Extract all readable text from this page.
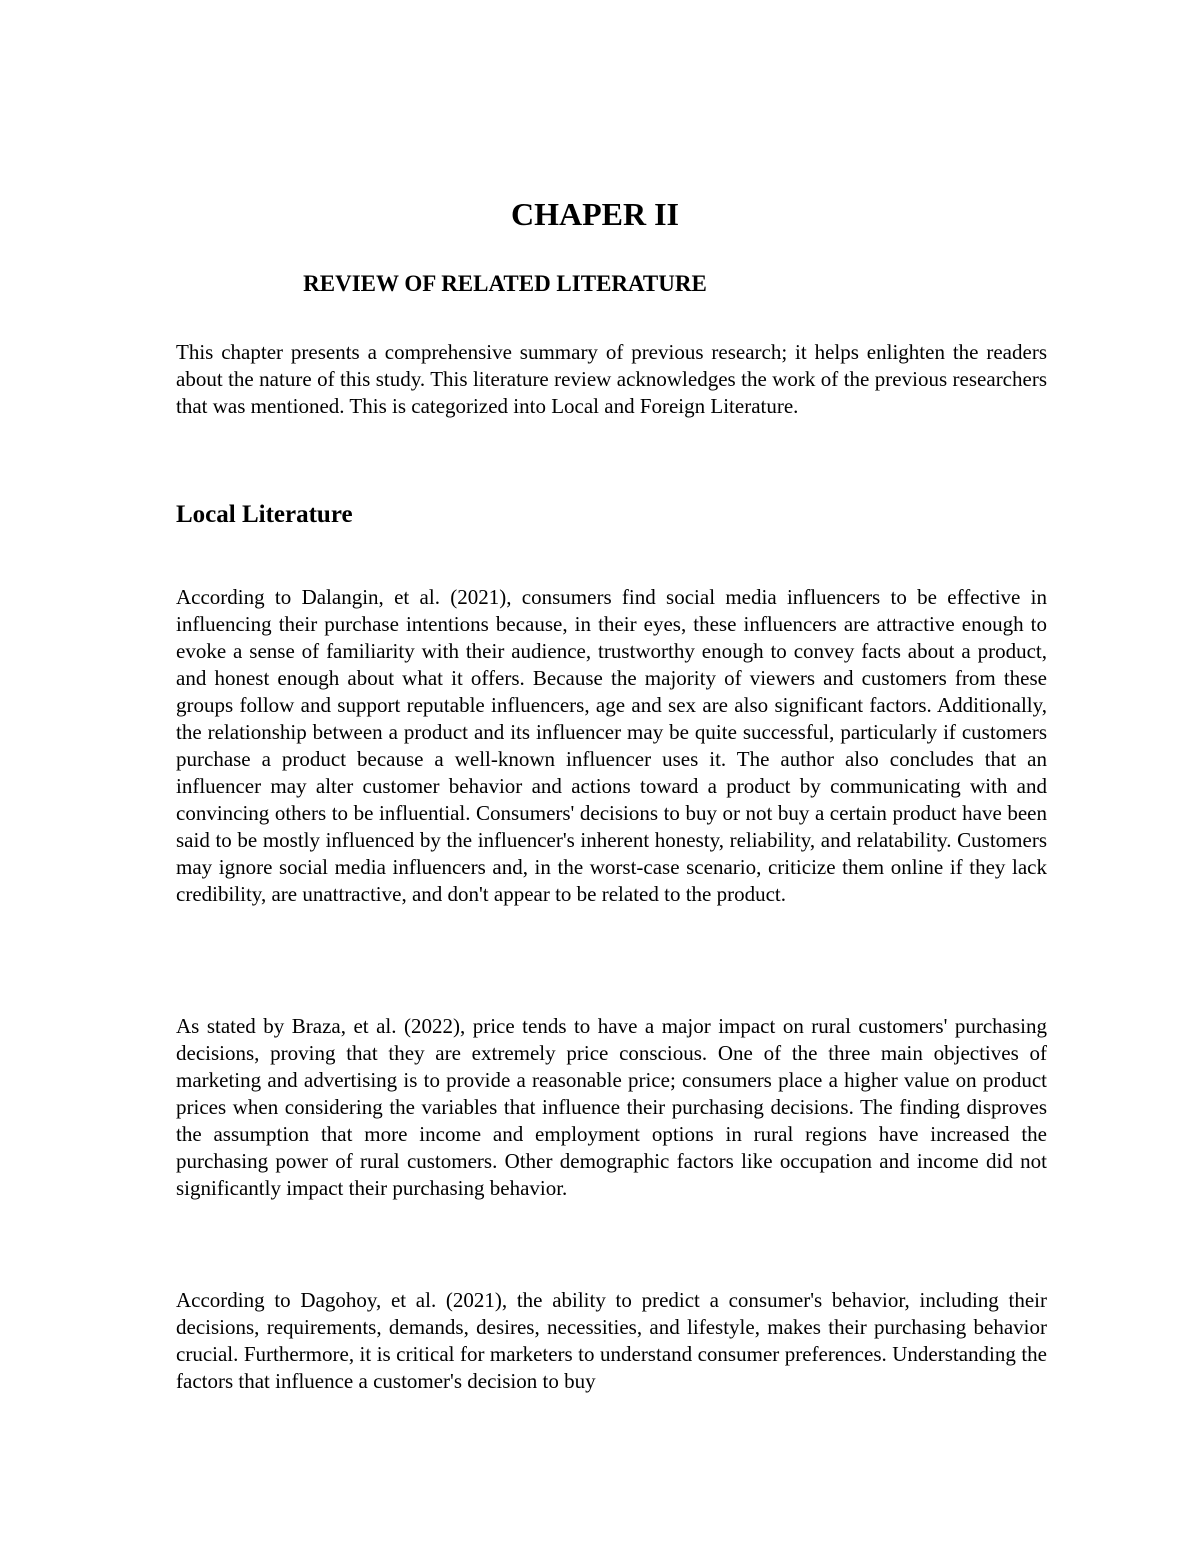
CHAPER II
REVIEW OF RELATED LITERATURE

This chapter presents a comprehensive summary of previous research; it helps enlighten the readers about the nature of this study. This literature review acknowledges the work of the previous researchers that was mentioned. This is categorized into Local and Foreign Literature.

Local Literature

According to Dalangin, et al. (2021), consumers find social media influencers to be effective in influencing their purchase intentions because, in their eyes, these influencers are attractive enough to evoke a sense of familiarity with their audience, trustworthy enough to convey facts about a product, and honest enough about what it offers. Because the majority of viewers and customers from these groups follow and support reputable influencers, age and sex are also significant factors. Additionally, the relationship between a product and its influencer may be quite successful, particularly if customers purchase a product because a well-known influencer uses it. The author also concludes that an influencer may alter customer behavior and actions toward a product by communicating with and convincing others to be influential. Consumers' decisions to buy or not buy a certain product have been said to be mostly influenced by the influencer's inherent honesty, reliability, and relatability. Customers may ignore social media influencers and, in the worst-case scenario, criticize them online if they lack credibility, are unattractive, and don't appear to be related to the product.

As stated by Braza, et al. (2022), price tends to have a major impact on rural customers' purchasing decisions, proving that they are extremely price conscious. One of the three main objectives of marketing and advertising is to provide a reasonable price; consumers place a higher value on product prices when considering the variables that influence their purchasing decisions. The finding disproves the assumption that more income and employment options in rural regions have increased the purchasing power of rural customers. Other demographic factors like occupation and income did not significantly impact their purchasing behavior.

According to Dagohoy, et al. (2021), the ability to predict a consumer's behavior, including their decisions, requirements, demands, desires, necessities, and lifestyle, makes their purchasing behavior crucial. Furthermore, it is critical for marketers to understand consumer preferences. Understanding the factors that influence a customer's decision to buy
